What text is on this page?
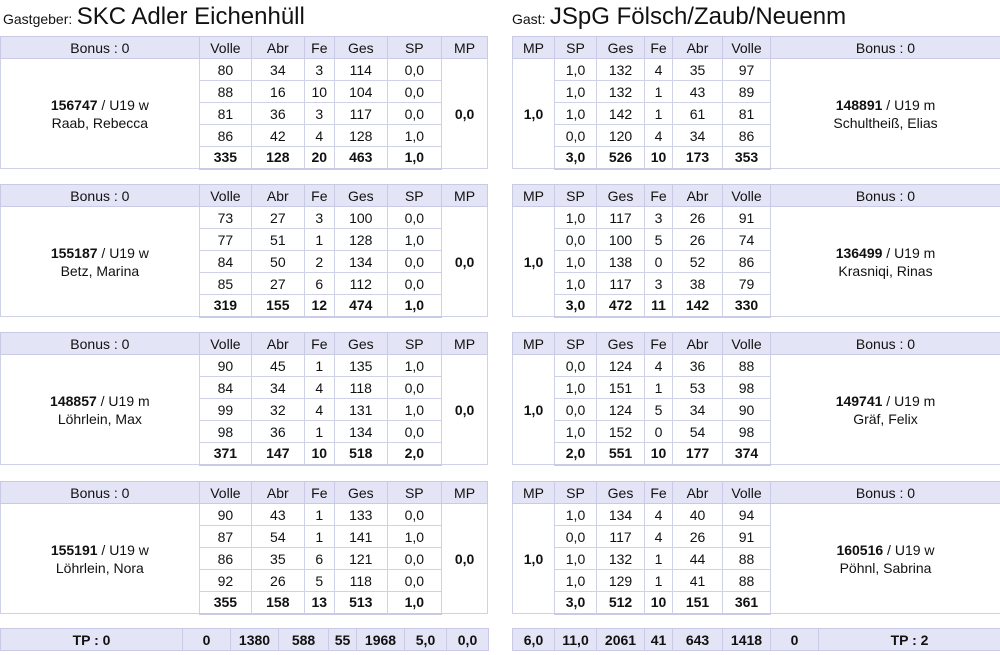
Gastgeber: SKC Adler Eichenhüll	Gast: JSpG Fölsch/Zaub/Neuenm
Bonus : 0	Volle	Abr	Fe	Ges	SP	MP
156747 / U19 w
Raab, Rebecca	80	34	3	114	0,0	0,0
	88	16	10	104	0,0	
	81	36	3	117	0,0	
	86	42	4	128	1,0	
	335	128	20	463	1,0	
Bonus : 0	Volle	Abr	Fe	Ges	SP	MP
155187 / U19 w
Betz, Marina	73	27	3	100	0,0	0,0
	77	51	1	128	1,0	
	84	50	2	134	0,0	
	85	27	6	112	0,0	
	319	155	12	474	1,0	
Bonus : 0	Volle	Abr	Fe	Ges	SP	MP
148857 / U19 m
Löhrlein, Max	90	45	1	135	1,0	0,0
	84	34	4	118	0,0	
	99	32	4	131	1,0	
	98	36	1	134	0,0	
	371	147	10	518	2,0	
Bonus : 0	Volle	Abr	Fe	Ges	SP	MP
155191 / U19 w
Löhrlein, Nora	90	43	1	133	0,0	0,0
	87	54	1	141	1,0	
	86	35	6	121	0,0	
	92	26	5	118	0,0	
	355	158	13	513	1,0	
MP	SP	Ges	Fe	Abr	Volle	Bonus : 0
1,0	1,0	132	4	35	97	148891 / U19 m
Schultheiß, Elias
	1,0	132	1	43	89	
	1,0	142	1	61	81	
	0,0	120	4	34	86	
	3,0	526	10	173	353	
MP	SP	Ges	Fe	Abr	Volle	Bonus : 0
1,0	1,0	117	3	26	91	136499 / U19 m
Krasniqi, Rinas
	0,0	100	5	26	74	
	1,0	138	0	52	86	
	1,0	117	3	38	79	
	3,0	472	11	142	330	
MP	SP	Ges	Fe	Abr	Volle	Bonus : 0
1,0	0,0	124	4	36	88	149741 / U19 m
Gräf, Felix
	1,0	151	1	53	98	
	0,0	124	5	34	90	
	1,0	152	0	54	98	
	2,0	551	10	177	374	
MP	SP	Ges	Fe	Abr	Volle	Bonus : 0
1,0	1,0	134	4	40	94	160516 / U19 w
Pöhnl, Sabrina
	0,0	117	4	26	91	
	1,0	132	1	44	88	
	1,0	129	1	41	88	
	3,0	512	10	151	361	
TP : 0	0	1380	588	55	1968	5,0	0,0	6,0	11,0	2061	41	643	1418	0	TP : 2
